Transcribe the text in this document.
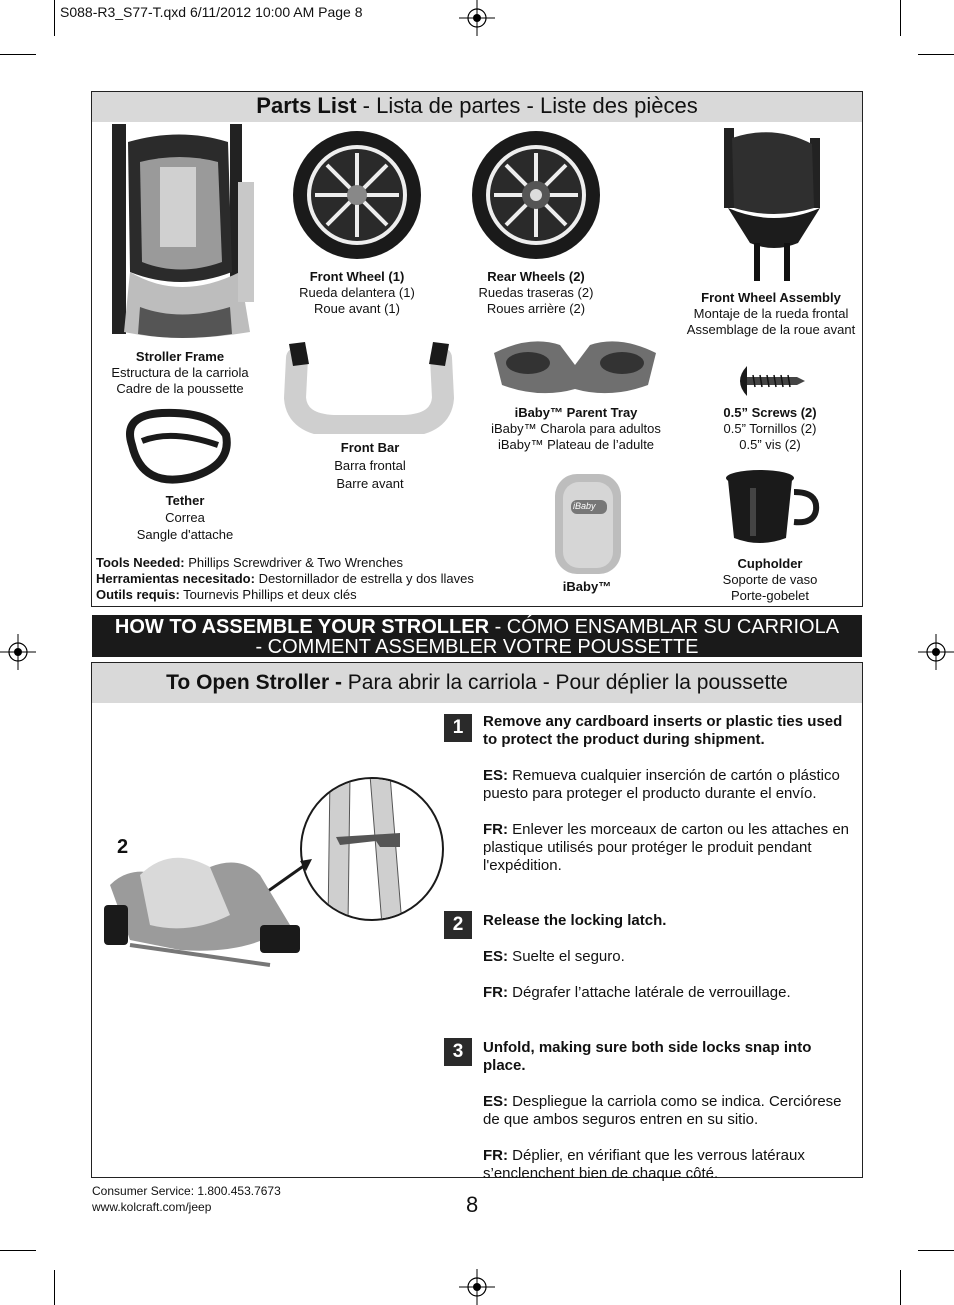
S088-R3_S77-T.qxd 6/11/2012 10:00 AM Page 8
Parts List - Lista de partes - Liste des pièces
Stroller Frame
Estructura de la carriola
Cadre de la poussette
Front Wheel (1)
Rueda delantera (1)
Roue avant (1)
Rear Wheels (2)
Ruedas traseras (2)
Roues arrière (2)
Front Wheel Assembly
Montaje de la rueda frontal
Assemblage de la roue avant
Front Bar
Barra frontal
Barre avant
iBaby™ Parent Tray
iBaby™ Charola para adultos
iBaby™ Plateau de l’adulte
0.5” Screws (2)
0.5” Tornillos (2)
0.5” vis (2)
Tether
Correa
Sangle d'attache
iBaby
iBaby™
Cupholder
Soporte de vaso
Porte-gobelet
Tools Needed: Phillips Screwdriver & Two Wrenches
Herramientas necesitado: Destornillador de estrella y dos llaves
Outils requis: Tournevis Phillips et deux clés
HOW TO ASSEMBLE YOUR STROLLER - CÓMO ENSAMBLAR SU CARRIOLA
- COMMENT ASSEMBLER VOTRE POUSSETTE
To Open Stroller - Para abrir la carriola - Pour déplier la poussette
2
1	Remove any cardboard inserts or plastic ties used to protect the product during shipment.
ES: Remueva cualquier inserción de cartón o plástico puesto para proteger el producto durante el envío.
FR: Enlever les morceaux de carton ou les attaches en plastique utilisés pour protéger le produit pendant l'expédition.
2	Release the locking latch.
ES: Suelte el seguro.
FR: Dégrafer l’attache latérale de verrouillage.
3	Unfold, making sure both side locks snap into place.
ES: Despliegue la carriola como se indica. Cerciórese de que ambos seguros entren en su sitio.
FR: Déplier, en vérifiant que les verrous latéraux s’enclenchent bien de chaque côté.
Consumer Service: 1.800.453.7673
www.kolcraft.com/jeep	8
